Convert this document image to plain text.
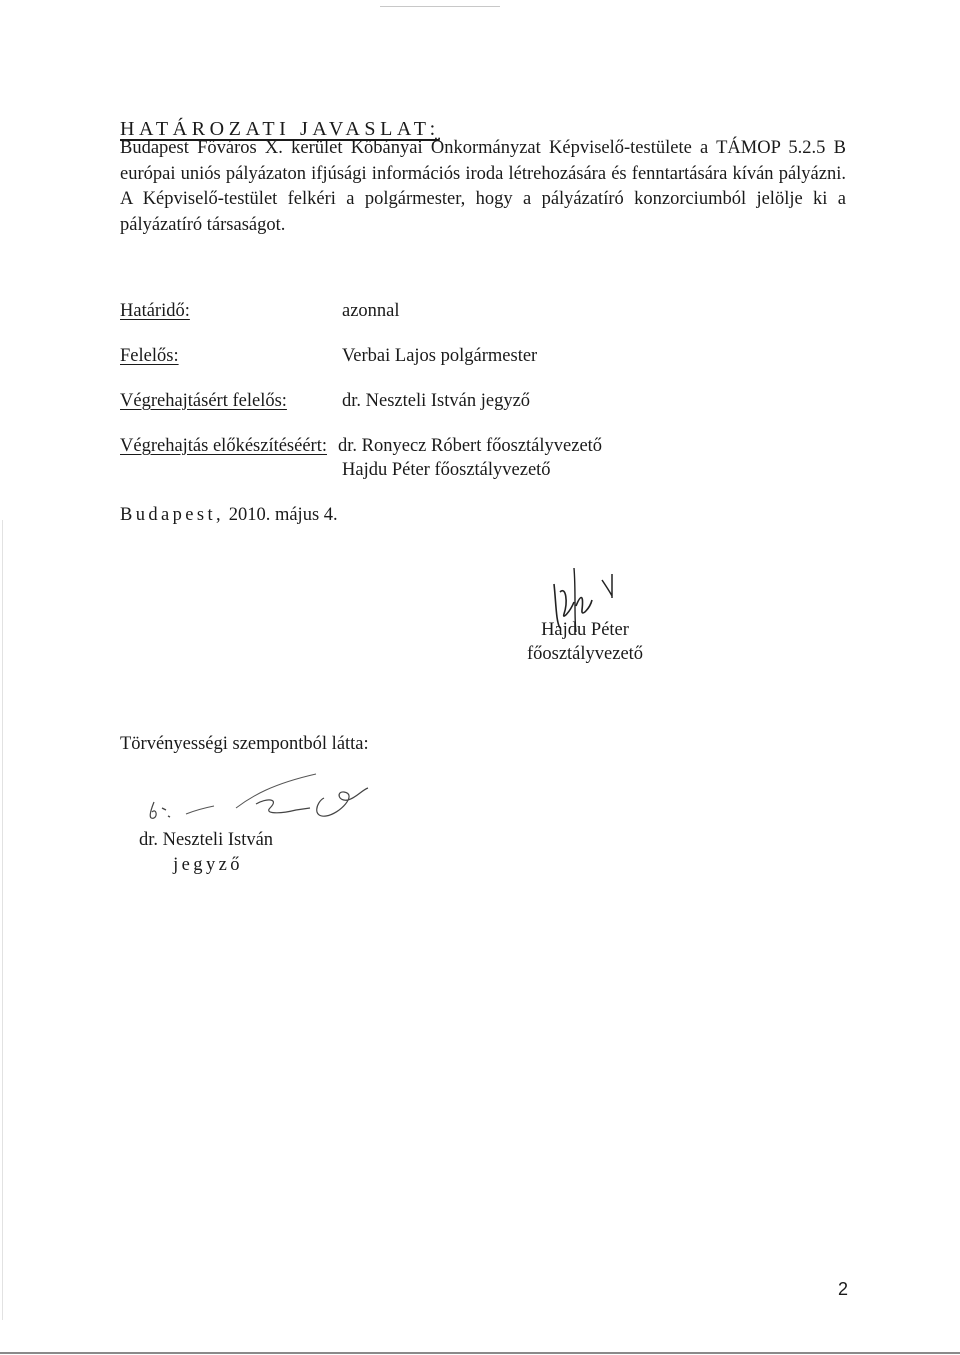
HATÁROZATI JAVASLAT:
Budapest Főváros X. kerület Kőbányai Önkormányzat Képviselő-testülete a TÁMOP 5.2.5 B európai uniós pályázaton ifjúsági információs iroda létrehozására és fenntartására kíván pályázni. A Képviselő-testület felkéri a polgármester, hogy a pályázatíró konzorciumból jelölje ki a pályázatíró társaságot.
Határidő:	azonnal
Felelős:	Verbai Lajos polgármester
Végrehajtásért felelős:	dr. Neszteli István jegyző
Végrehajtás előkészítéséért: dr. Ronyecz Róbert főosztályvezető
Hajdu Péter főosztályvezető
Budapest, 2010. május 4.
Hajdu Péter
főosztályvezető
Törvényességi szempontból látta:
dr. Neszteli István
jegyző
2
